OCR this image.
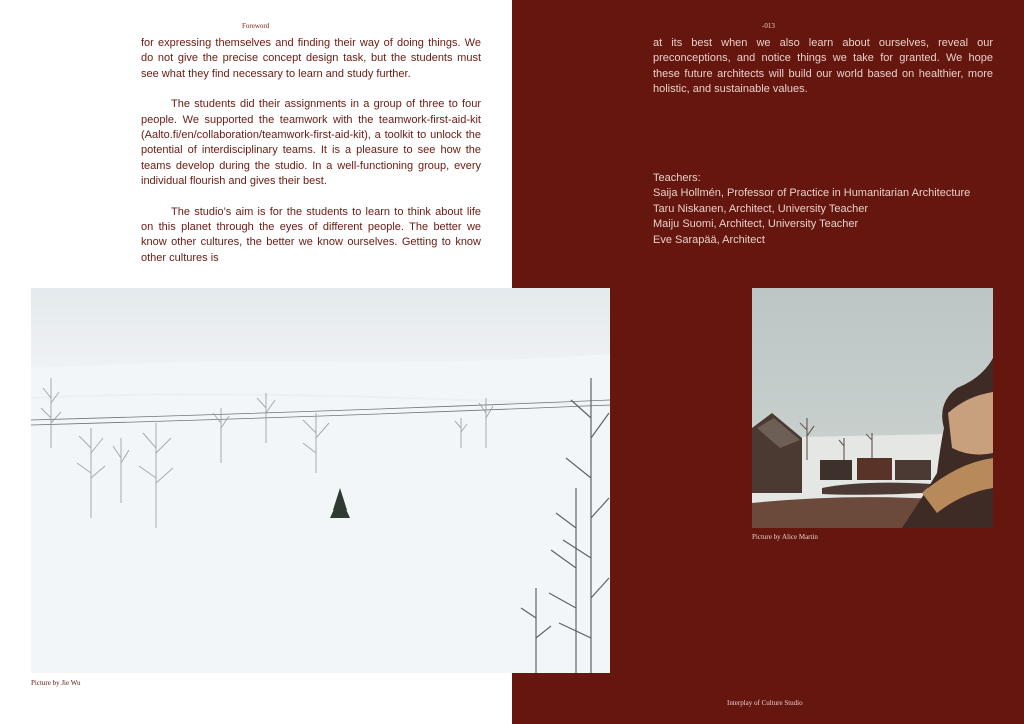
Foreword	-013

for expressing themselves and finding their way of doing things. We do not give the precise concept design task, but the students must see what they find necessary to learn and study further.

The students did their assignments in a group of three to four people. We supported the teamwork with the teamwork-first-aid-kit (Aalto.fi/en/collaboration/teamwork-first-aid-kit), a toolkit to unlock the potential of interdisciplinary teams. It is a pleasure to see how the teams develop during the studio. In a well-functioning group, every individual flourish and gives their best.

The studio’s aim is for the students to learn to think about life on this planet through the eyes of different people. The better we know other cultures, the better we know ourselves. Getting to know other cultures is

at its best when we also learn about ourselves, reveal our preconceptions, and notice things we take for granted. We hope these future architects will build our world based on healthier, more holistic, and sustainable values.

Teachers:
Saija Hollmén, Professor of Practice in Humanitarian Architecture
Taru Niskanen, Architect, University Teacher
Maiju Suomi, Architect, University Teacher
Eve Sarapää, Architect
Picture by Jie Wu
Picture by Alice Martin
Interplay of Culture Studio
